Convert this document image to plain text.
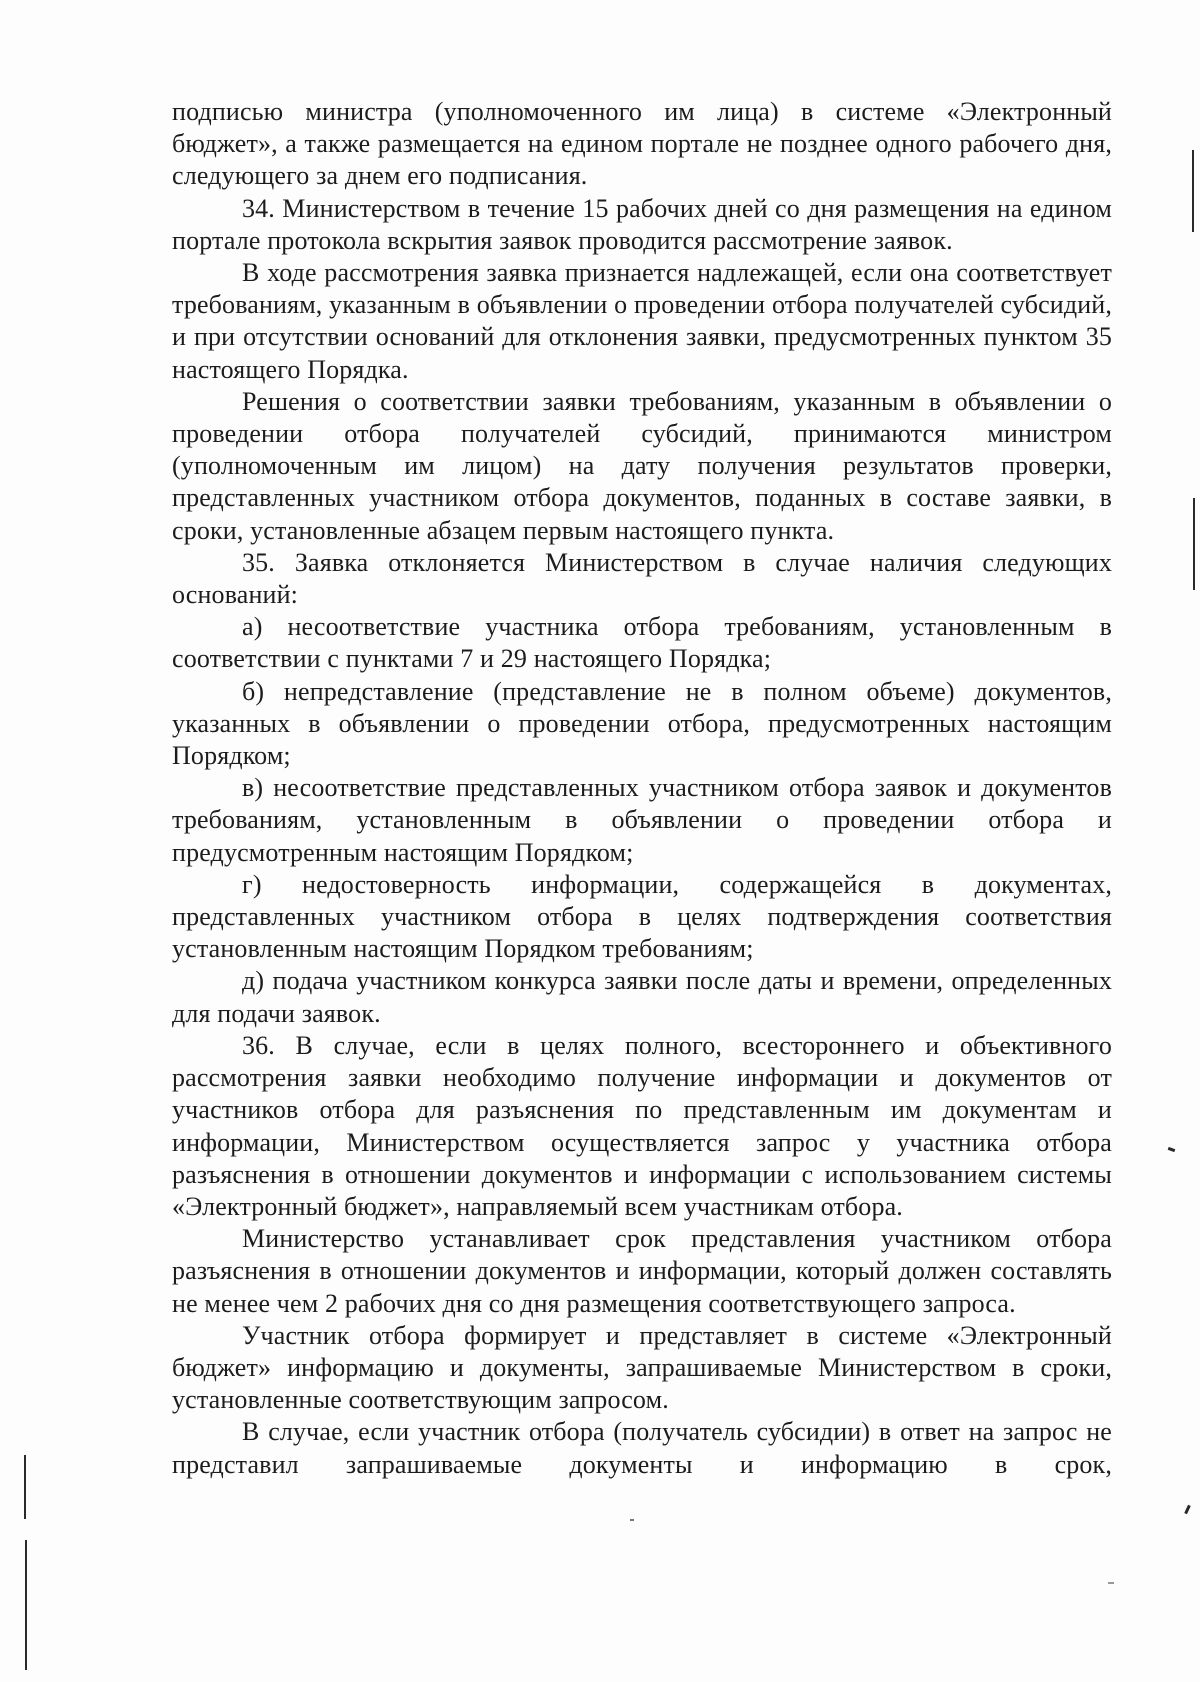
подписью министра (уполномоченного им лица) в системе «Электронный бюджет», а также размещается на едином портале не позднее одного рабочего дня, следующего за днем его подписания.

34. Министерством в течение 15 рабочих дней со дня размещения на едином портале протокола вскрытия заявок проводится рассмотрение заявок.

В ходе рассмотрения заявка признается надлежащей, если она соответствует требованиям, указанным в объявлении о проведении отбора получателей субсидий, и при отсутствии оснований для отклонения заявки, предусмотренных пунктом 35 настоящего Порядка.

Решения о соответствии заявки требованиям, указанным в объявлении о проведении отбора получателей субсидий, принимаются министром (уполномоченным им лицом) на дату получения результатов проверки, представленных участником отбора документов, поданных в составе заявки, в сроки, установленные абзацем первым настоящего пункта.

35. Заявка отклоняется Министерством в случае наличия следующих оснований:

а) несоответствие участника отбора требованиям, установленным в соответствии с пунктами 7 и 29 настоящего Порядка;

б) непредставление (представление не в полном объеме) документов, указанных в объявлении о проведении отбора, предусмотренных настоящим Порядком;

в) несоответствие представленных участником отбора заявок и документов требованиям, установленным в объявлении о проведении отбора и предусмотренным настоящим Порядком;

г) недостоверность информации, содержащейся в документах, представленных участником отбора в целях подтверждения соответствия установленным настоящим Порядком требованиям;

д) подача участником конкурса заявки после даты и времени, определенных для подачи заявок.

36. В случае, если в целях полного, всестороннего и объективного рассмотрения заявки необходимо получение информации и документов от участников отбора для разъяснения по представленным им документам и информации, Министерством осуществляется запрос у участника отбора разъяснения в отношении документов и информации с использованием системы «Электронный бюджет», направляемый всем участникам отбора.

Министерство устанавливает срок представления участником отбора разъяснения в отношении документов и информации, который должен составлять не менее чем 2 рабочих дня со дня размещения соответствующего запроса.

Участник отбора формирует и представляет в системе «Электронный бюджет» информацию и документы, запрашиваемые Министерством в сроки, установленные соответствующим запросом.

В случае, если участник отбора (получатель субсидии) в ответ на запрос не представил запрашиваемые документы и информацию в срок,
